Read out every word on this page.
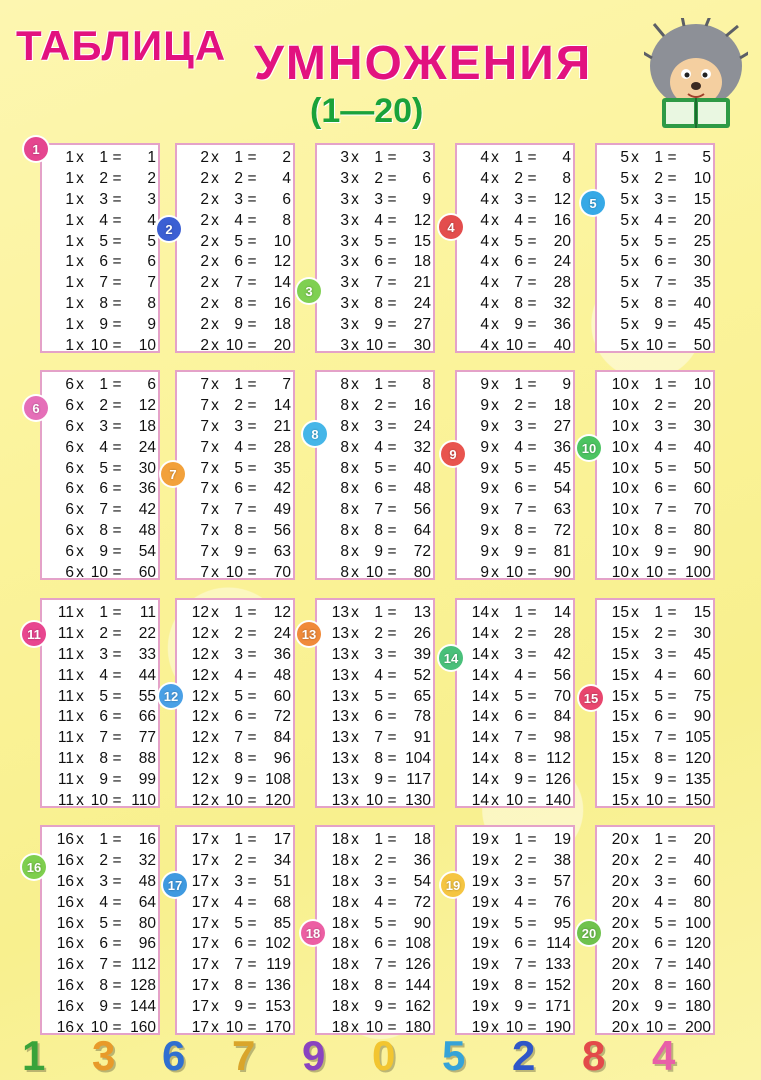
ТАБЛИЦА УМНОЖЕНИЯ
(1—20)
1 x	1 =	1
1 x	2 =	2
1 x	3 =	3
1 x	4 =	4
1 x	5 =	5
1 x	6 =	6
1 x	7 =	7
1 x	8 =	8
1 x	9 =	9
1 x 10 =	10
1
2 x	1 =	2
2 x	2 =	4
2 x	3 =	6
2 x	4 =	8
2 x	5 =	10
2 x	6 =	12
2 x	7 =	14
2 x	8 =	16
2 x	9 =	18
2 x 10 =	20
2
3 x	1 =	3
3 x	2 =	6
3 x	3 =	9
3 x	4 =	12
3 x	5 =	15
3 x	6 =	18
3 x	7 =	21
3 x	8 =	24
3 x	9 =	27
3 x 10 =	30
3
4 x	1 =	4
4 x	2 =	8
4 x	3 =	12
4 x	4 =	16
4 x	5 =	20
4 x	6 =	24
4 x	7 =	28
4 x	8 =	32
4 x	9 =	36
4 x 10 =	40
4
5 x	1 =	5
5 x	2 =	10
5 x	3 =	15
5 x	4 =	20
5 x	5 =	25
5 x	6 =	30
5 x	7 =	35
5 x	8 =	40
5 x	9 =	45
5 x 10 =	50
5
6 x	1 =	6
6 x	2 =	12
6 x	3 =	18
6 x	4 =	24
6 x	5 =	30
6 x	6 =	36
6 x	7 =	42
6 x	8 =	48
6 x	9 =	54
6 x 10 =	60
6
7 x	1 =	7
7 x	2 =	14
7 x	3 =	21
7 x	4 =	28
7 x	5 =	35
7 x	6 =	42
7 x	7 =	49
7 x	8 =	56
7 x	9 =	63
7 x 10 =	70
7
8 x	1 =	8
8 x	2 =	16
8 x	3 =	24
8 x	4 =	32
8 x	5 =	40
8 x	6 =	48
8 x	7 =	56
8 x	8 =	64
8 x	9 =	72
8 x 10 =	80
8
9 x	1 =	9
9 x	2 =	18
9 x	3 =	27
9 x	4 =	36
9 x	5 =	45
9 x	6 =	54
9 x	7 =	63
9 x	8 =	72
9 x	9 =	81
9 x 10 =	90
9
10 x	1 =	10
10 x	2 =	20
10 x	3 =	30
10 x	4 =	40
10 x	5 =	50
10 x	6 =	60
10 x	7 =	70
10 x	8 =	80
10 x	9 =	90
10 x 10 = 100
10
11 x	1 =	11
11 x	2 =	22
11 x	3 =	33
11 x	4 =	44
11 x	5 =	55
11 x	6 =	66
11 x	7 =	77
11 x	8 =	88
11 x	9 =	99
11 x 10 = 110
11
12 x	1 =	12
12 x	2 =	24
12 x	3 =	36
12 x	4 =	48
12 x	5 =	60
12 x	6 =	72
12 x	7 =	84
12 x	8 =	96
12 x	9 = 108
12 x 10 = 120
12
13 x	1 =	13
13 x	2 =	26
13 x	3 =	39
13 x	4 =	52
13 x	5 =	65
13 x	6 =	78
13 x	7 =	91
13 x	8 = 104
13 x	9 = 117
13 x 10 = 130
13
14 x	1 =	14
14 x	2 =	28
14 x	3 =	42
14 x	4 =	56
14 x	5 =	70
14 x	6 =	84
14 x	7 =	98
14 x	8 = 112
14 x	9 = 126
14 x 10 = 140
14
15 x	1 =	15
15 x	2 =	30
15 x	3 =	45
15 x	4 =	60
15 x	5 =	75
15 x	6 =	90
15 x	7 = 105
15 x	8 = 120
15 x	9 = 135
15 x 10 = 150
15
16 x	1 =	16
16 x	2 =	32
16 x	3 =	48
16 x	4 =	64
16 x	5 =	80
16 x	6 =	96
16 x	7 = 112
16 x	8 = 128
16 x	9 = 144
16 x 10 = 160
16
17 x	1 =	17
17 x	2 =	34
17 x	3 =	51
17 x	4 =	68
17 x	5 =	85
17 x	6 = 102
17 x	7 = 119
17 x	8 = 136
17 x	9 = 153
17 x 10 = 170
17
18 x	1 =	18
18 x	2 =	36
18 x	3 =	54
18 x	4 =	72
18 x	5 =	90
18 x	6 = 108
18 x	7 = 126
18 x	8 = 144
18 x	9 = 162
18 x 10 = 180
18
19 x	1 =	19
19 x	2 =	38
19 x	3 =	57
19 x	4 =	76
19 x	5 =	95
19 x	6 = 114
19 x	7 = 133
19 x	8 = 152
19 x	9 = 171
19 x 10 = 190
19
20 x	1 =	20
20 x	2 =	40
20 x	3 =	60
20 x	4 =	80
20 x	5 = 100
20 x	6 = 120
20 x	7 = 140
20 x	8 = 160
20 x	9 = 180
20 x 10 = 200
20
1 3 6 7 9 0 5 2 8 4
